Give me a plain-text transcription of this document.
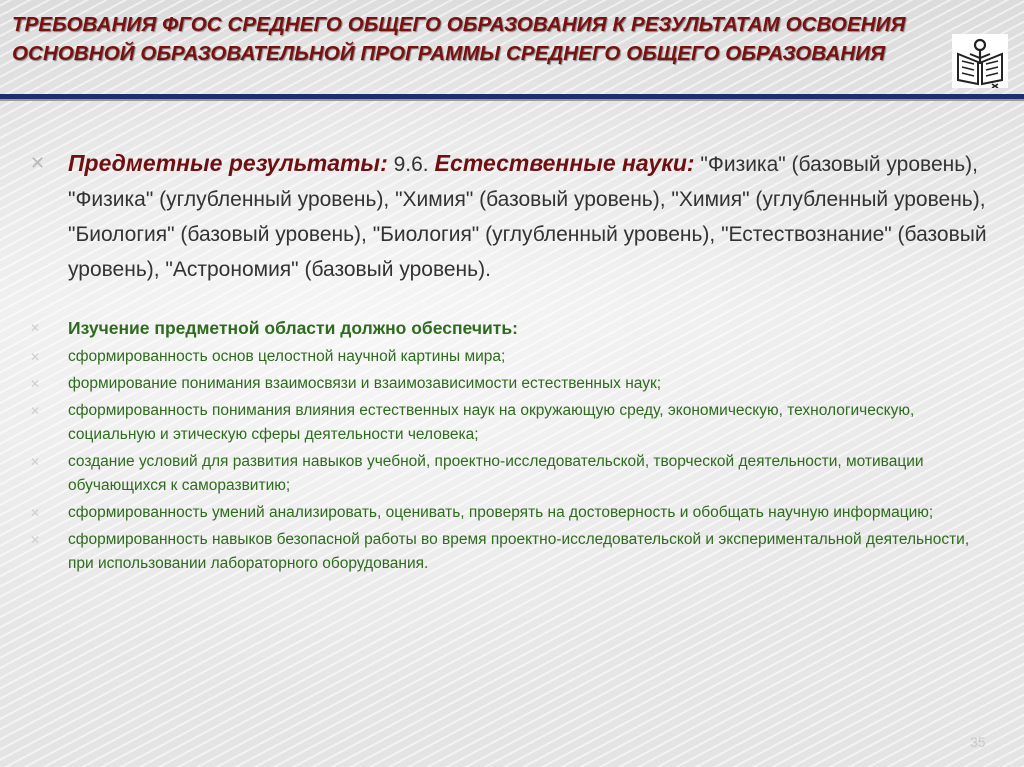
ТРЕБОВАНИЯ ФГОС СРЕДНЕГО ОБЩЕГО ОБРАЗОВАНИЯ К РЕЗУЛЬТАТАМ ОСВОЕНИЯ
ОСНОВНОЙ ОБРАЗОВАТЕЛЬНОЙ ПРОГРАММЫ СРЕДНЕГО ОБЩЕГО ОБРАЗОВАНИЯ
✕ Предметные результаты: 9.6. Естественные науки: "Физика" (базовый уровень), "Физика" (углубленный уровень), "Химия" (базовый уровень), "Химия" (углубленный уровень), "Биология" (базовый уровень), "Биология" (углубленный уровень), "Естествознание" (базовый уровень), "Астрономия" (базовый уровень).
✕ Изучение предметной области должно обеспечить:
✕ сформированность основ целостной научной картины мира;
✕ формирование понимания взаимосвязи и взаимозависимости естественных наук;
✕ сформированность понимания влияния естественных наук на окружающую среду, экономическую, технологическую, социальную и этическую сферы деятельности человека;
✕ создание условий для развития навыков учебной, проектно-исследовательской, творческой деятельности, мотивации обучающихся к саморазвитию;
✕ сформированность умений анализировать, оценивать, проверять на достоверность и обобщать научную информацию;
✕ сформированность навыков безопасной работы во время проектно-исследовательской и экспериментальной деятельности, при использовании лабораторного оборудования.
35
